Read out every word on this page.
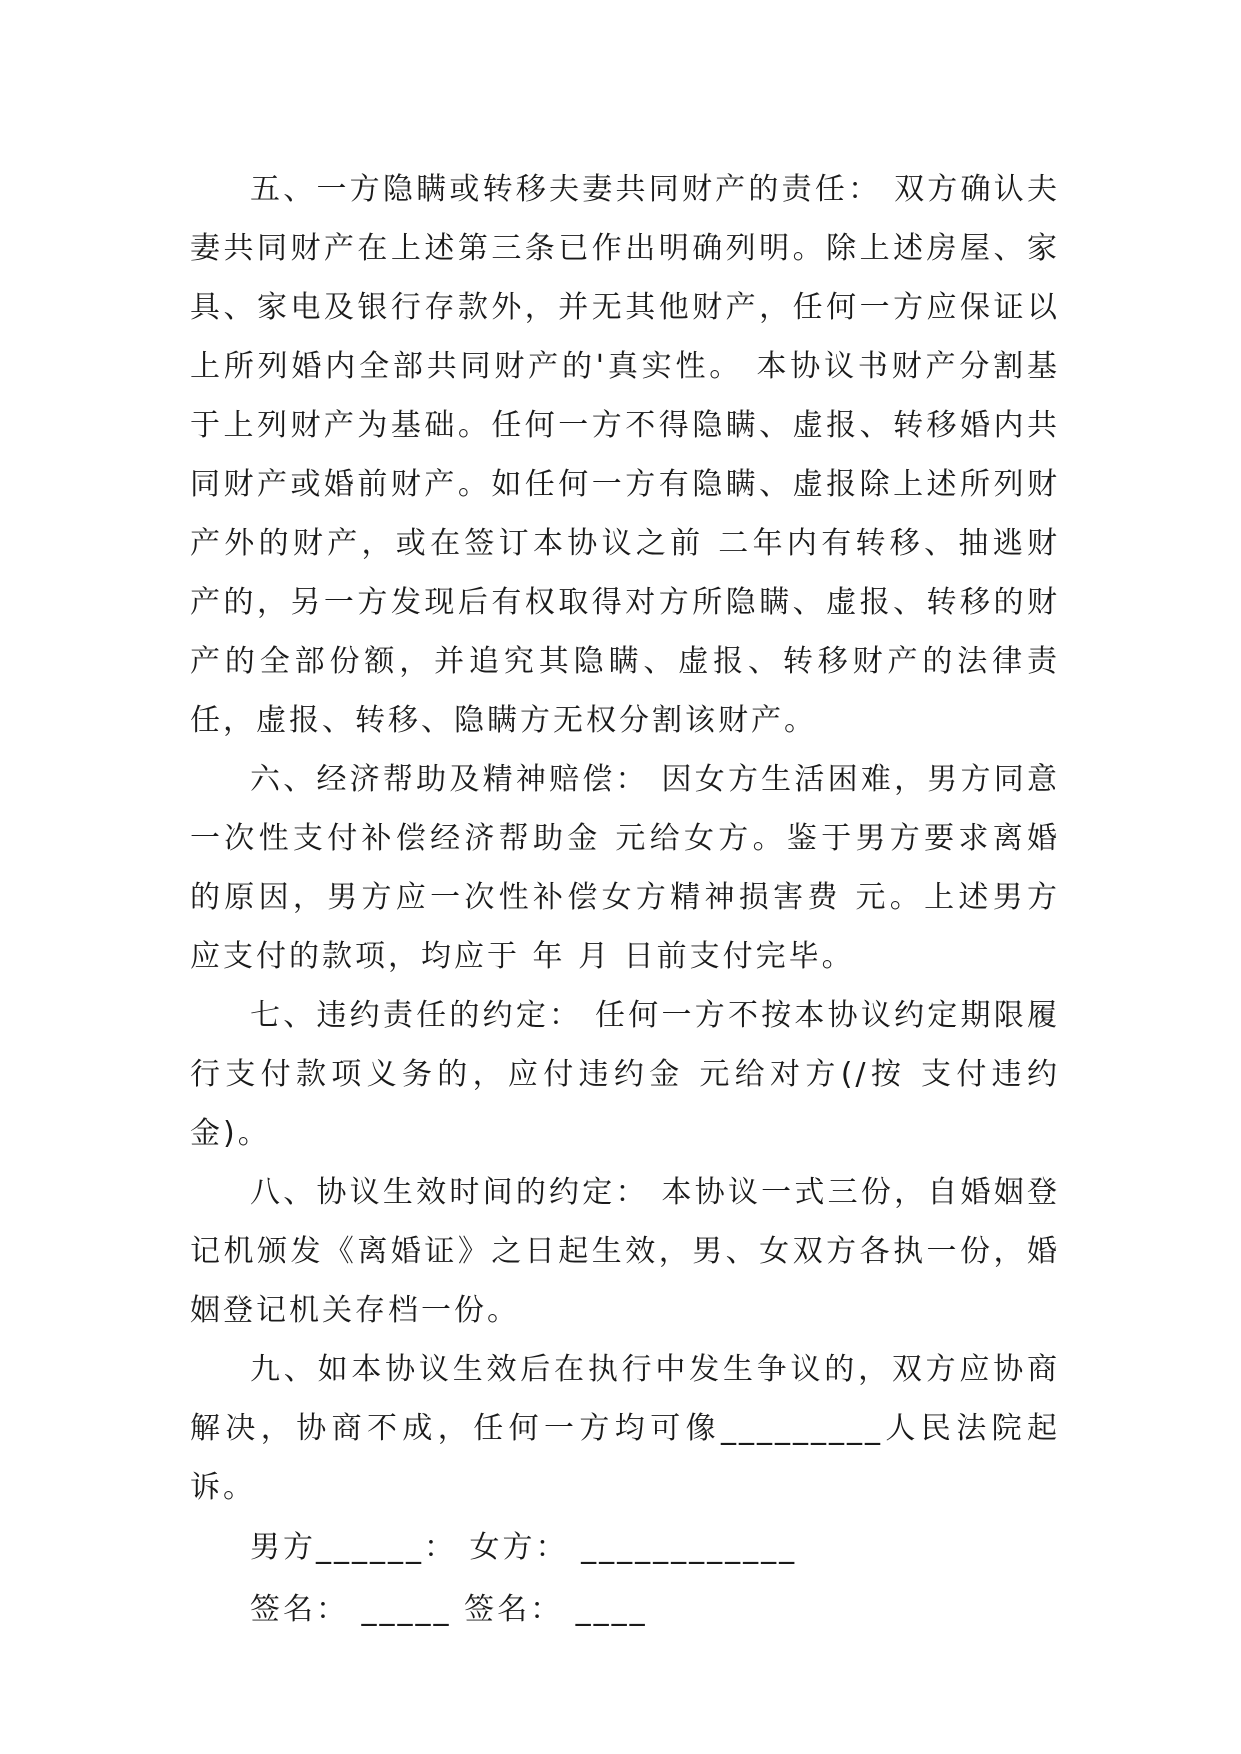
五、一方隐瞒或转移夫妻共同财产的责任： 双方确认夫妻共同财产在上述第三条已作出明确列明。除上述房屋、家具、家电及银行存款外，并无其他财产，任何一方应保证以上所列婚内全部共同财产的'真实性。 本协议书财产分割基于上列财产为基础。任何一方不得隐瞒、虚报、转移婚内共同财产或婚前财产。如任何一方有隐瞒、虚报除上述所列财产外的财产，或在签订本协议之前 二年内有转移、抽逃财产的，另一方发现后有权取得对方所隐瞒、虚报、转移的财产的全部份额，并追究其隐瞒、虚报、转移财产的法律责任，虚报、转移、隐瞒方无权分割该财产。

六、经济帮助及精神赔偿： 因女方生活困难，男方同意一次性支付补偿经济帮助金 元给女方。鉴于男方要求离婚的原因，男方应一次性补偿女方精神损害费 元。上述男方应支付的款项，均应于 年 月 日前支付完毕。

七、违约责任的约定： 任何一方不按本协议约定期限履行支付款项义务的，应付违约金 元给对方(/按 支付违约金)。

八、协议生效时间的约定： 本协议一式三份，自婚姻登记机颁发《离婚证》之日起生效，男、女双方各执一份，婚姻登记机关存档一份。

九、如本协议生效后在执行中发生争议的，双方应协商解决，协商不成，任何一方均可像_________人民法院起诉。

男方______： 女方： ____________

签名： _____ 签名： ____
